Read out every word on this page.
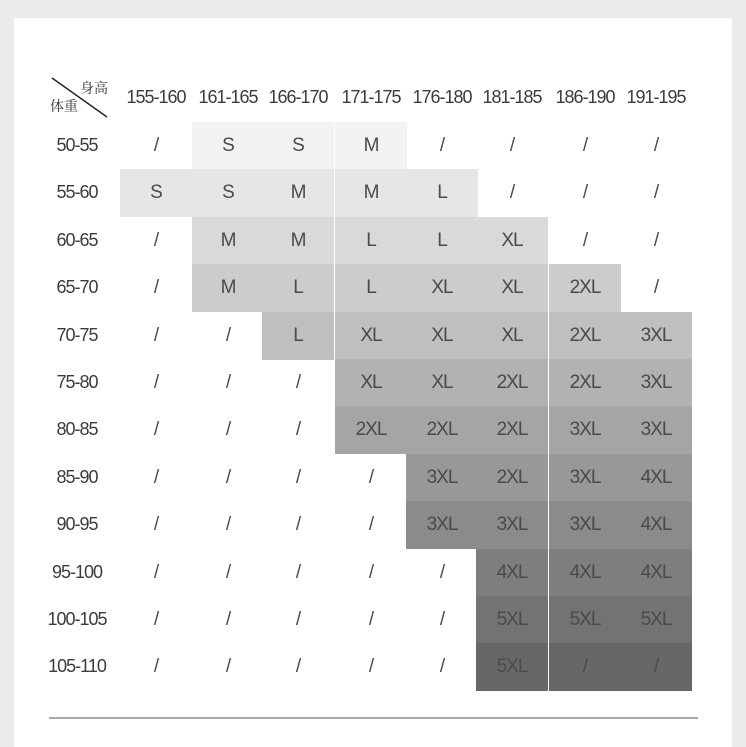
身高
体重	155-160 161-165 166-170 171-175 176-180 181-185 186-190 191-195
50-55	/	S	S	M	/	/	/	/
55-60	S	S	M	M	L	/	/	/
60-65	/	M	M	L	L	XL	/	/
65-70	/	M	L	L	XL	XL	2XL	/
70-75	/	/	L	XL	XL	XL	2XL	3XL
75-80	/	/	/	XL	XL	2XL	2XL	3XL
80-85	/	/	/	2XL	2XL	2XL	3XL	3XL
85-90	/	/	/	/	3XL	2XL	3XL	4XL
90-95	/	/	/	/	3XL	3XL	3XL	4XL
95-100	/	/	/	/	/	4XL	4XL	4XL
100-105	/	/	/	/	/	5XL	5XL	5XL
105-110	/	/	/	/	/	5XL	/	/
